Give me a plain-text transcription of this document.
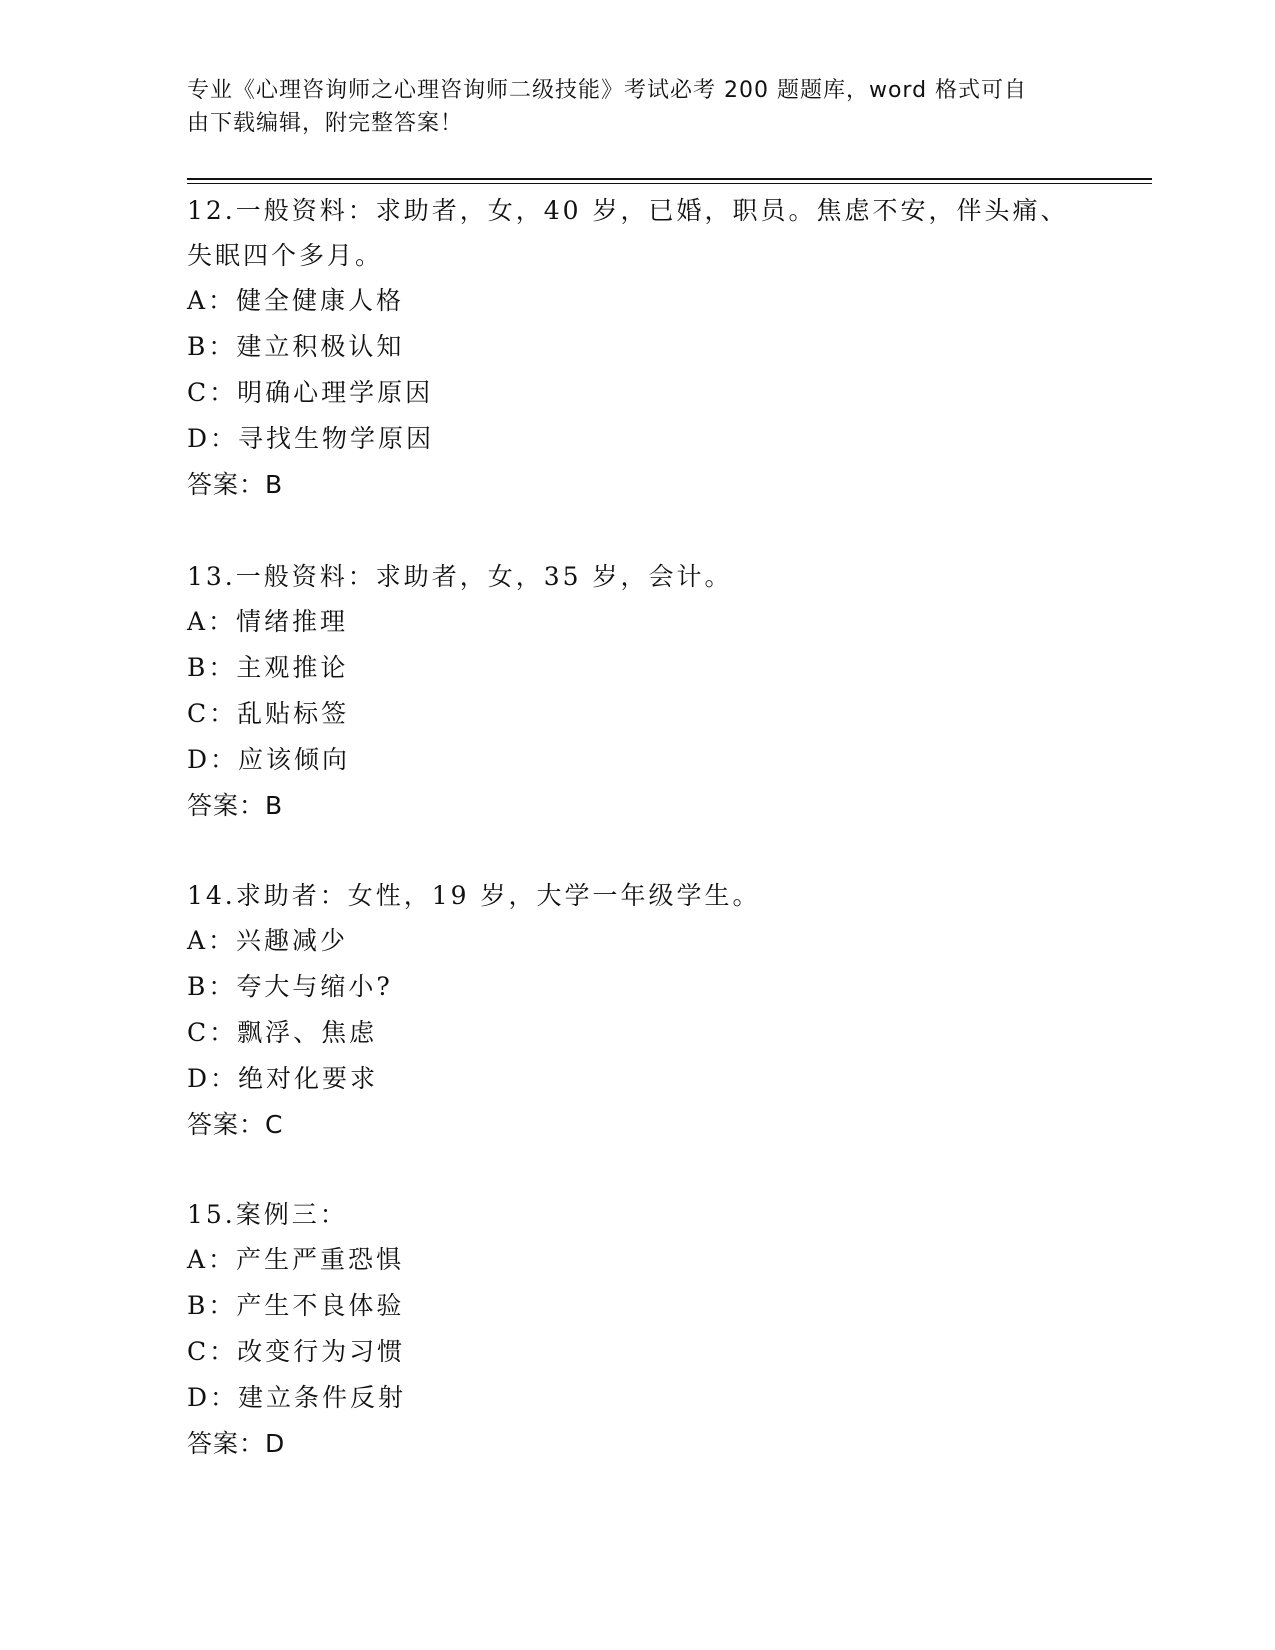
专业《心理咨询师之心理咨询师二级技能》考试必考 200 题题库，word 格式可自
由下载编辑，附完整答案！
12.一般资料：求助者，女，40 岁，已婚，职员。焦虑不安，伴头痛、
失眠四个多月。
A：健全健康人格
B：建立积极认知
C：明确心理学原因
D：寻找生物学原因
答案：B
13.一般资料：求助者，女，35 岁，会计。
A：情绪推理
B：主观推论
C：乱贴标签
D：应该倾向
答案：B
14.求助者：女性，19 岁，大学一年级学生。
A：兴趣减少
B：夸大与缩小?
C：飘浮、焦虑
D：绝对化要求
答案：C
15.案例三：
A：产生严重恐惧
B：产生不良体验
C：改变行为习惯
D：建立条件反射
答案：D
